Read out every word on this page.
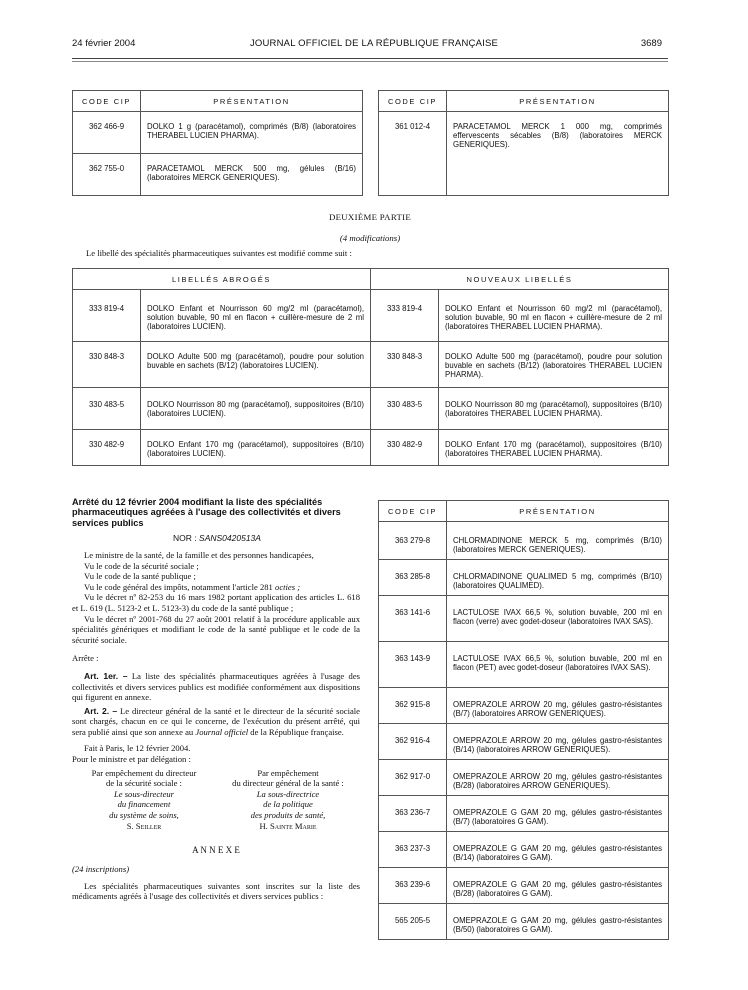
24 février 2004	JOURNAL OFFICIEL DE LA RÉPUBLIQUE FRANÇAISE	3689
CODE CIP	PRÉSENTATION
362 466-9	DOLKO 1 g (paracétamol), comprimés (B/8) (laboratoires THERABEL LUCIEN PHARMA).
362 755-0	PARACETAMOL MERCK 500 mg, gélules (B/16) (laboratoires MERCK GENERIQUES).
CODE CIP	PRÉSENTATION
361 012-4	PARACETAMOL MERCK 1 000 mg, comprimés effervescents sécables (B/8) (laboratoires MERCK GENERIQUES).
DEUXIÈME PARTIE
(4 modifications)
Le libellé des spécialités pharmaceutiques suivantes est modifié comme suit :
LIBELLÉS ABROGÉS		NOUVEAUX LIBELLÉS	
333 819-4	DOLKO Enfant et Nourrisson 60 mg/2 ml (paracétamol), solution buvable, 90 ml en flacon + cuillère-mesure de 2 ml (laboratoires LUCIEN).	333 819-4	DOLKO Enfant et Nourrisson 60 mg/2 ml (paracétamol), solution buvable, 90 ml en flacon + cuillère-mesure de 2 ml (laboratoires THERABEL LUCIEN PHARMA).
330 848-3	DOLKO Adulte 500 mg (paracétamol), poudre pour solution buvable en sachets (B/12) (laboratoires LUCIEN).	330 848-3	DOLKO Adulte 500 mg (paracétamol), poudre pour solution buvable en sachets (B/12) (laboratoires THERABEL LUCIEN PHARMA).
330 483-5	DOLKO Nourrisson 80 mg (paracétamol), suppositoires (B/10) (laboratoires LUCIEN).	330 483-5	DOLKO Nourrisson 80 mg (paracétamol), suppositoires (B/10) (laboratoires THERABEL LUCIEN PHARMA).
330 482-9	DOLKO Enfant 170 mg (paracétamol), suppositoires (B/10) (laboratoires LUCIEN).	330 482-9	DOLKO Enfant 170 mg (paracétamol), suppositoires (B/10) (laboratoires THERABEL LUCIEN PHARMA).
Arrêté du 12 février 2004 modifiant la liste des spécialités pharmaceutiques agréées à l'usage des collectivités et divers services publics
NOR : SANS0420513A
Le ministre de la santé, de la famille et des personnes handicapées,
Vu le code de la sécurité sociale ;
Vu le code de la santé publique ;
Vu le code général des impôts, notamment l'article 281 octies ;
Vu le décret nº 82-253 du 16 mars 1982 portant application des articles L. 618 et L. 619 (L. 5123-2 et L. 5123-3) du code de la santé publique ;
Vu le décret nº 2001-768 du 27 août 2001 relatif à la procédure applicable aux spécialités génériques et modifiant le code de la santé publique et le code de la sécurité sociale.
Arrête :
Art. 1er. – La liste des spécialités pharmaceutiques agréées à l'usage des collectivités et divers services publics est modifiée conformément aux dispositions qui figurent en annexe.
Art. 2. – Le directeur général de la santé et le directeur de la sécurité sociale sont chargés, chacun en ce qui le concerne, de l'exécution du présent arrêté, qui sera publié ainsi que son annexe au Journal officiel de la République française.
Fait à Paris, le 12 février 2004.
Pour le ministre et par délégation :
Par empêchement du directeur
de la sécurité sociale :
Le sous-directeur
du financement
du système de soins,
S. Seiller
Par empêchement
du directeur général de la santé :
La sous-directrice
de la politique
des produits de santé,
H. Sainte Marie
A N N E X E
(24 inscriptions)
Les spécialités pharmaceutiques suivantes sont inscrites sur la liste des médicaments agréés à l'usage des collectivités et divers services publics :
CODE CIP	PRÉSENTATION
363 279-8	CHLORMADINONE MERCK 5 mg, comprimés (B/10) (laboratoires MERCK GENERIQUES).
363 285-8	CHLORMADINONE QUALIMED 5 mg, comprimés (B/10) (laboratoires QUALIMED).
363 141-6	LACTULOSE IVAX 66,5 %, solution buvable, 200 ml en flacon (verre) avec godet-doseur (laboratoires IVAX SAS).
363 143-9	LACTULOSE IVAX 66,5 %, solution buvable, 200 ml en flacon (PET) avec godet-doseur (laboratoires IVAX SAS).
362 915-8	OMEPRAZOLE ARROW 20 mg, gélules gastro-résistantes (B/7) (laboratoires ARROW GENERIQUES).
362 916-4	OMEPRAZOLE ARROW 20 mg, gélules gastro-résistantes (B/14) (laboratoires ARROW GENERIQUES).
362 917-0	OMEPRAZOLE ARROW 20 mg, gélules gastro-résistantes (B/28) (laboratoires ARROW GENERIQUES).
363 236-7	OMEPRAZOLE G GAM 20 mg, gélules gastro-résistantes (B/7) (laboratoires G GAM).
363 237-3	OMEPRAZOLE G GAM 20 mg, gélules gastro-résistantes (B/14) (laboratoires G GAM).
363 239-6	OMEPRAZOLE G GAM 20 mg, gélules gastro-résistantes (B/28) (laboratoires G GAM).
565 205-5	OMEPRAZOLE G GAM 20 mg, gélules gastro-résistantes (B/50) (laboratoires G GAM).
